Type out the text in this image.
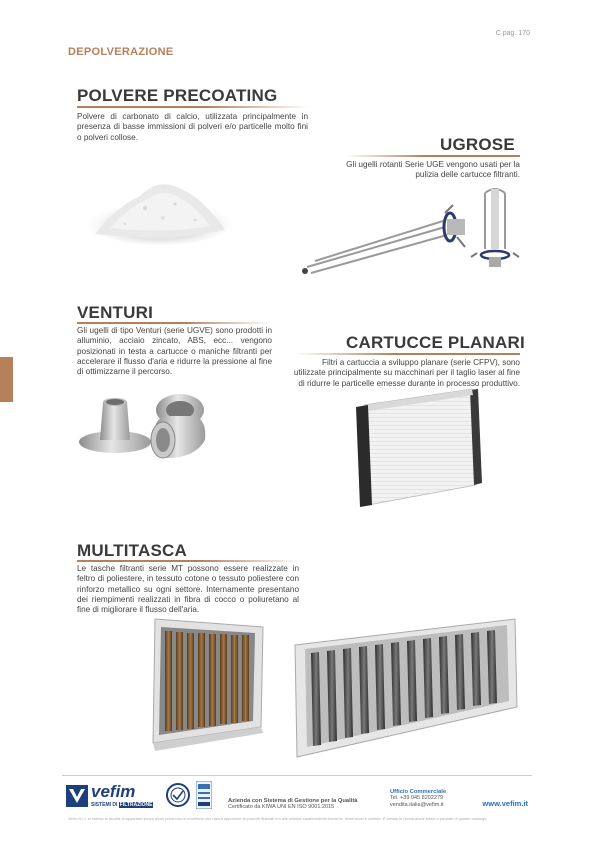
DEPOLVERAZIONE
C pag. 170
POLVERE PRECOATING
Polvere di carbonato di calcio, utilizzata principalmente in presenza di basse immissioni di polveri e/o particelle molto fini o polveri collose.	UGROSE
Gli ugelli rotanti Serie UGE vengono usati per la pulizia delle cartucce filtranti.
VENTURI
Gli ugelli di tipo Venturi (serie UGVE) sono prodotti in alluminio, acciaio zincato, ABS, ecc... vengono posizionati in testa a cartucce o maniche filtranti per accelerare il flusso d'aria e ridurre la pressione al fine di ottimizzarne il percorso.
CARTUCCE PLANARI
Filtri a cartuccia a sviluppo planare (serie CFPV), sono utilizzate principalmente su macchinari per il taglio laser al fine di ridurre le particelle emesse durante in processo produttivo.
MULTITASCA
Le tasche filtranti serie MT possono essere realizzate in feltro di poliestere, in tessuto cotone o tessuto poliestere con rinforzo metallico su ogni settore. Internamente presentano dei riempimenti realizzati in fibra di cocco o poliuretano al fine di migliorare il flusso dell'aria.
vefim
SISTEMI DI FILTRAZIONE
Azienda con Sistema di Gestione per la Qualità
Certificato da KIWA UNI EN ISO 9001:2015
Ufficio Commerciale
Tel. +39 045 8202279
vendita.italia@vefim.it	www.vefim.it
Vefim S.r.l. si riserva la facoltà di apportare senza alcun preavviso le modifiche che riterrà opportune ai prodotti illustrati e/o alle relative caratteristiche tecniche, dimensioni e schede. È vietata la riproduzione totale o parziale di questo catalogo.
